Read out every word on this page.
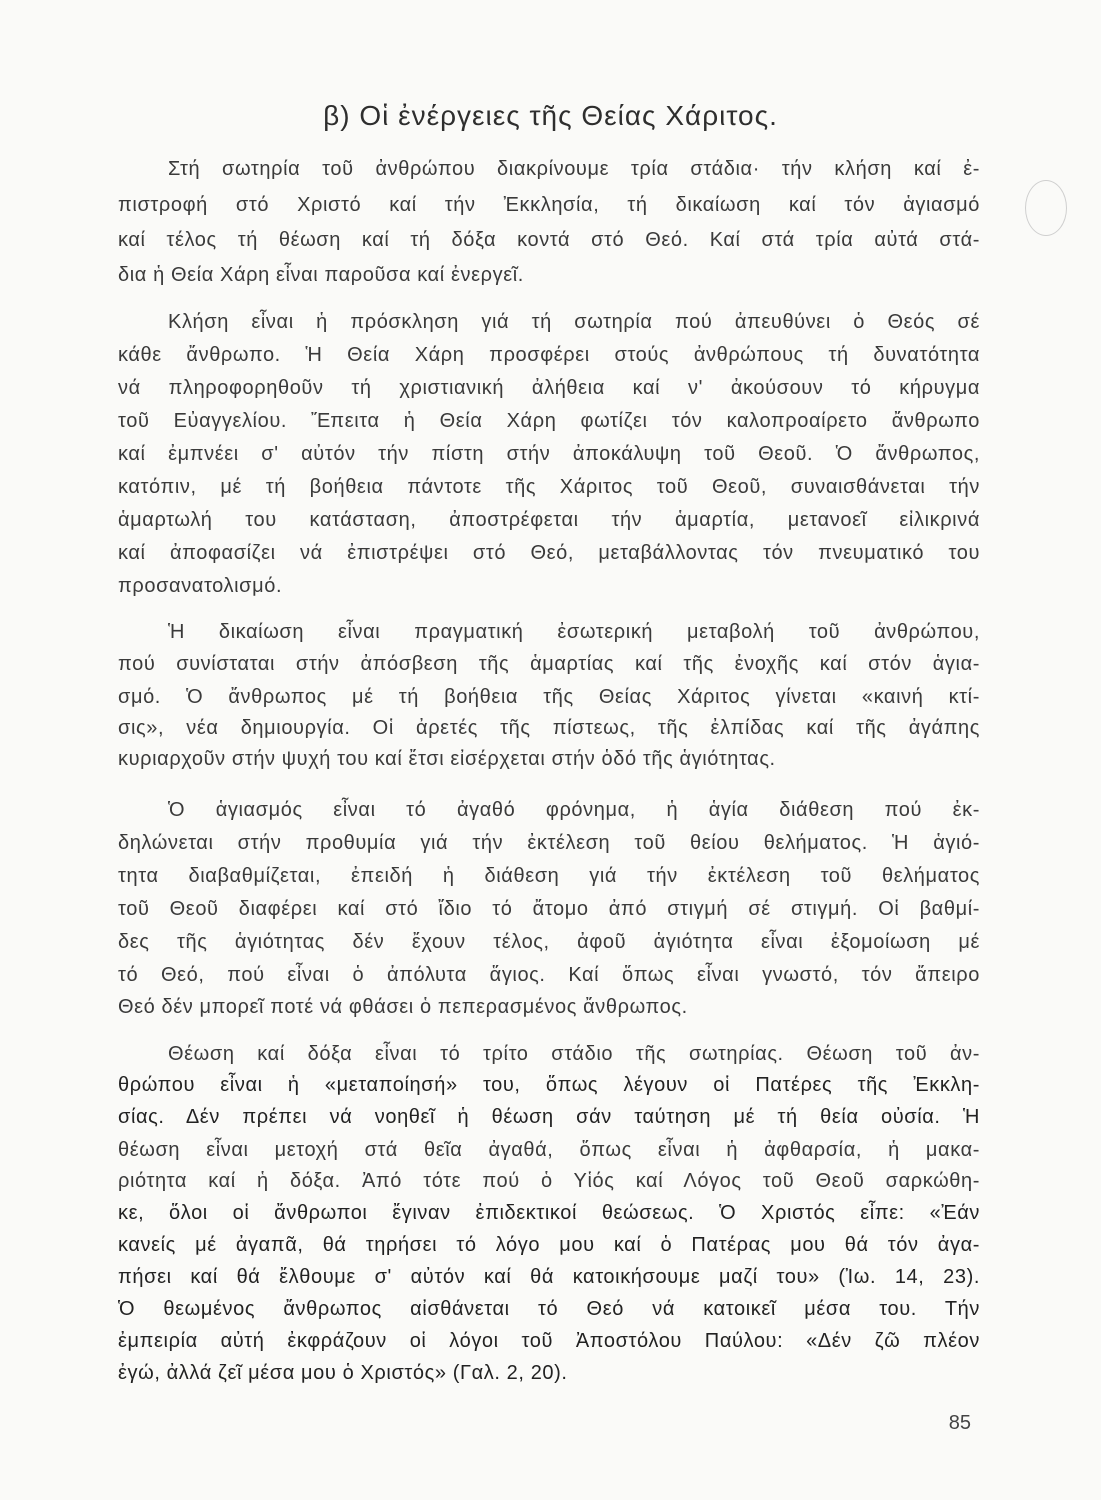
β) Οἱ ἐνέργειες τῆς Θείας Χάριτος.
Στή σωτηρία τοῦ ἀνθρώπου διακρίνουμε τρία στάδια· τήν κλήση καί ἐ-
πιστροφή στό Χριστό καί τήν Ἐκκλησία, τή δικαίωση καί τόν ἁγιασμό
καί τέλος τή θέωση καί τή δόξα κοντά στό Θεό. Καί στά τρία αὐτά στά-
δια ἡ Θεία Χάρη εἶναι παροῦσα καί ἐνεργεῖ.
Κλήση εἶναι ἡ πρόσκληση γιά τή σωτηρία πού ἀπευθύνει ὁ Θεός σέ
κάθε ἄνθρωπο. Ἡ Θεία Χάρη προσφέρει στούς ἀνθρώπους τή δυνατότητα
νά πληροφορηθοῦν τή χριστιανική ἀλήθεια καί ν' ἀκούσουν τό κήρυγμα
τοῦ Εὐαγγελίου. Ἔπειτα ἡ Θεία Χάρη φωτίζει τόν καλοπροαίρετο ἄνθρωπο
καί ἐμπνέει σ' αὐτόν τήν πίστη στήν ἀποκάλυψη τοῦ Θεοῦ. Ὁ ἄνθρωπος,
κατόπιν, μέ τή βοήθεια πάντοτε τῆς Χάριτος τοῦ Θεοῦ, συναισθάνεται τήν
ἁμαρτωλή του κατάσταση, ἀποστρέφεται τήν ἁμαρτία, μετανοεῖ εἰλικρινά
καί ἀποφασίζει νά ἐπιστρέψει στό Θεό, μεταβάλλοντας τόν πνευματικό του
προσανατολισμό.
Ἡ δικαίωση εἶναι πραγματική ἐσωτερική μεταβολή τοῦ ἀνθρώπου,
πού συνίσταται στήν ἀπόσβεση τῆς ἁμαρτίας καί τῆς ἐνοχῆς καί στόν ἁγια-
σμό. Ὁ ἄνθρωπος μέ τή βοήθεια τῆς Θείας Χάριτος γίνεται «καινή κτί-
σις», νέα δημιουργία. Οἱ ἀρετές τῆς πίστεως, τῆς ἐλπίδας καί τῆς ἀγάπης
κυριαρχοῦν στήν ψυχή του καί ἔτσι εἰσέρχεται στήν ὁδό τῆς ἁγιότητας.
Ὁ ἁγιασμός εἶναι τό ἀγαθό φρόνημα, ἡ ἁγία διάθεση πού ἐκ-
δηλώνεται στήν προθυμία γιά τήν ἐκτέλεση τοῦ θείου θελήματος. Ἡ ἁγιό-
τητα διαβαθμίζεται, ἐπειδή ἡ διάθεση γιά τήν ἐκτέλεση τοῦ θελήματος
τοῦ Θεοῦ διαφέρει καί στό ἴδιο τό ἄτομο ἀπό στιγμή σέ στιγμή. Οἱ βαθμί-
δες τῆς ἁγιότητας δέν ἔχουν τέλος, ἀφοῦ ἁγιότητα εἶναι ἐξομοίωση μέ
τό Θεό, πού εἶναι ὁ ἀπόλυτα ἅγιος. Καί ὅπως εἶναι γνωστό, τόν ἄπειρο
Θεό δέν μπορεῖ ποτέ νά φθάσει ὁ πεπερασμένος ἄνθρωπος.
Θέωση καί δόξα εἶναι τό τρίτο στάδιο τῆς σωτηρίας. Θέωση τοῦ ἀν-
θρώπου εἶναι ἡ «μεταποίησή» του, ὅπως λέγουν οἱ Πατέρες τῆς Ἐκκλη-
σίας. Δέν πρέπει νά νοηθεῖ ἡ θέωση σάν ταύτηση μέ τή θεία οὐσία. Ἡ
θέωση εἶναι μετοχή στά θεῖα ἀγαθά, ὅπως εἶναι ἡ ἀφθαρσία, ἡ μακα-
ριότητα καί ἡ δόξα. Ἀπό τότε πού ὁ Υἱός καί Λόγος τοῦ Θεοῦ σαρκώθη-
κε, ὅλοι οἱ ἄνθρωποι ἔγιναν ἐπιδεκτικοί θεώσεως. Ὁ Χριστός εἶπε: «Ἐάν
κανείς μέ ἀγαπᾶ, θά τηρήσει τό λόγο μου καί ὁ Πατέρας μου θά τόν ἀγα-
πήσει καί θά ἔλθουμε σ' αὐτόν καί θά κατοικήσουμε μαζί του» (Ἰω. 14, 23).
Ὁ θεωμένος ἄνθρωπος αἰσθάνεται τό Θεό νά κατοικεῖ μέσα του. Τήν
ἐμπειρία αὐτή ἐκφράζουν οἱ λόγοι τοῦ Ἀποστόλου Παύλου: «Δέν ζῶ πλέον
ἐγώ, ἀλλά ζεῖ μέσα μου ὁ Χριστός» (Γαλ. 2, 20).
85
